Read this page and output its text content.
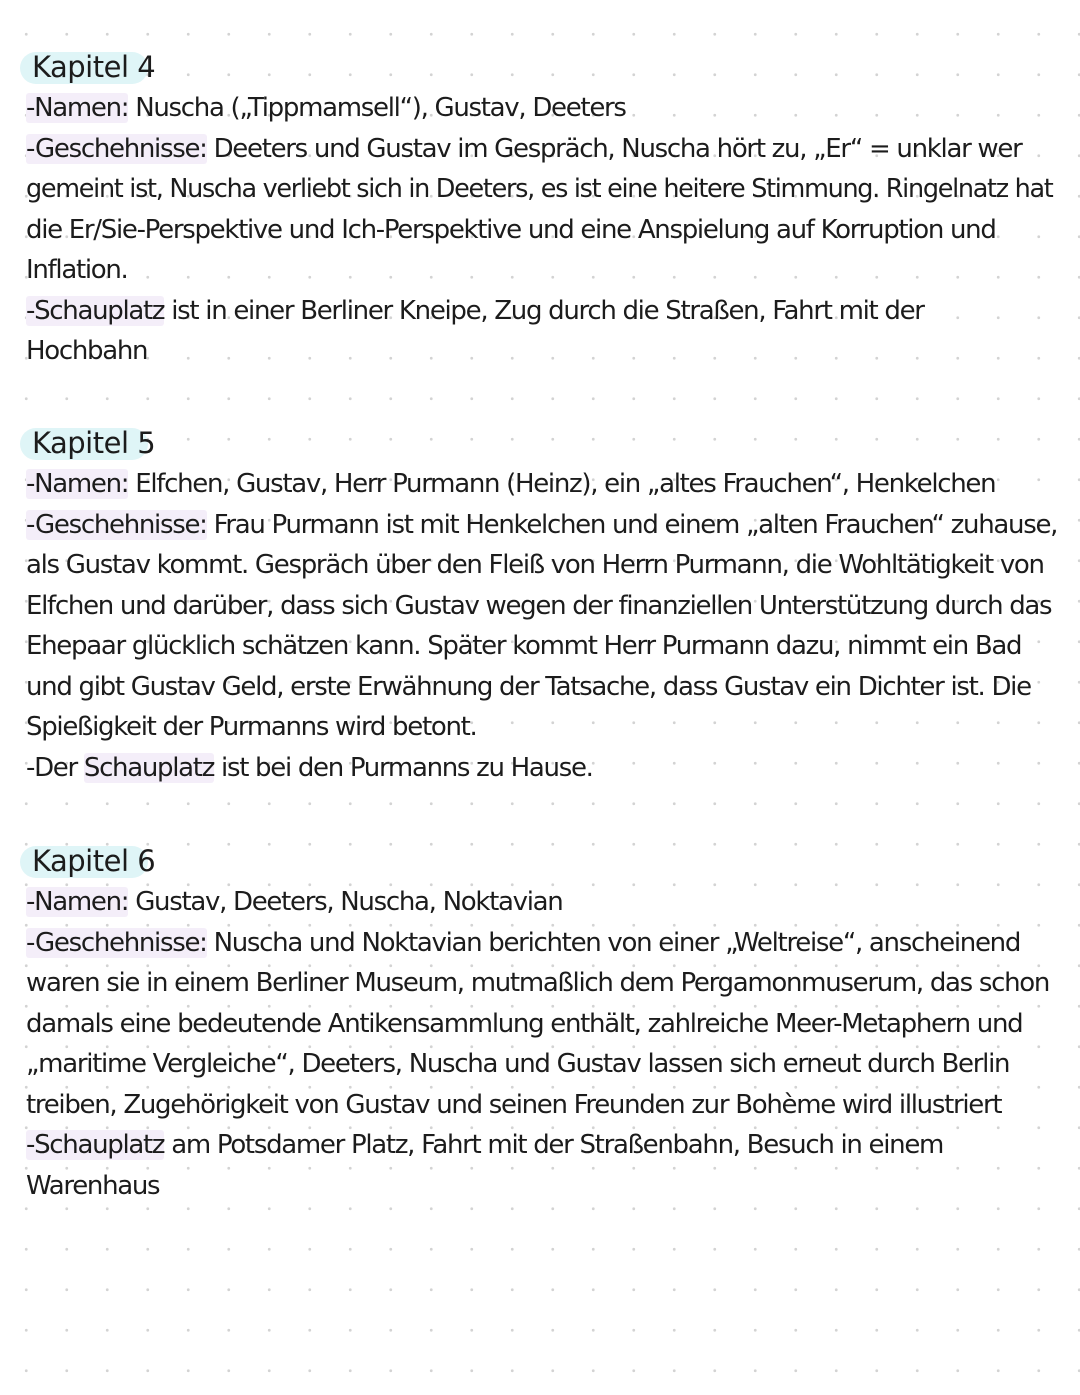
Kapitel 4
-Namen: Nuscha („Tippmamsell“), Gustav, Deeters
-Geschehnisse: Deeters und Gustav im Gespräch, Nuscha hört zu, „Er“ = unklar wer
gemeint ist, Nuscha verliebt sich in Deeters, es ist eine heitere Stimmung. Ringelnatz hat
die Er/Sie-Perspektive und Ich-Perspektive und eine Anspielung auf Korruption und
Inflation.
-Schauplatz ist in einer Berliner Kneipe, Zug durch die Straßen, Fahrt mit der
Hochbahn
Kapitel 5
-Namen: Elfchen, Gustav, Herr Purmann (Heinz), ein „altes Frauchen“, Henkelchen
-Geschehnisse: Frau Purmann ist mit Henkelchen und einem „alten Frauchen“ zuhause,
als Gustav kommt. Gespräch über den Fleiß von Herrn Purmann, die Wohltätigkeit von
Elfchen und darüber, dass sich Gustav wegen der finanziellen Unterstützung durch das
Ehepaar glücklich schätzen kann. Später kommt Herr Purmann dazu, nimmt ein Bad
und gibt Gustav Geld, erste Erwähnung der Tatsache, dass Gustav ein Dichter ist. Die
Spießigkeit der Purmanns wird betont.
-Der Schauplatz ist bei den Purmanns zu Hause.
Kapitel 6
-Namen: Gustav, Deeters, Nuscha, Noktavian
-Geschehnisse: Nuscha und Noktavian berichten von einer „Weltreise“, anscheinend
waren sie in einem Berliner Museum, mutmaßlich dem Pergamonmuserum, das schon
damals eine bedeutende Antikensammlung enthält, zahlreiche Meer-Metaphern und
„maritime Vergleiche“, Deeters, Nuscha und Gustav lassen sich erneut durch Berlin
treiben, Zugehörigkeit von Gustav und seinen Freunden zur Bohème wird illustriert
-Schauplatz am Potsdamer Platz, Fahrt mit der Straßenbahn, Besuch in einem
Warenhaus
